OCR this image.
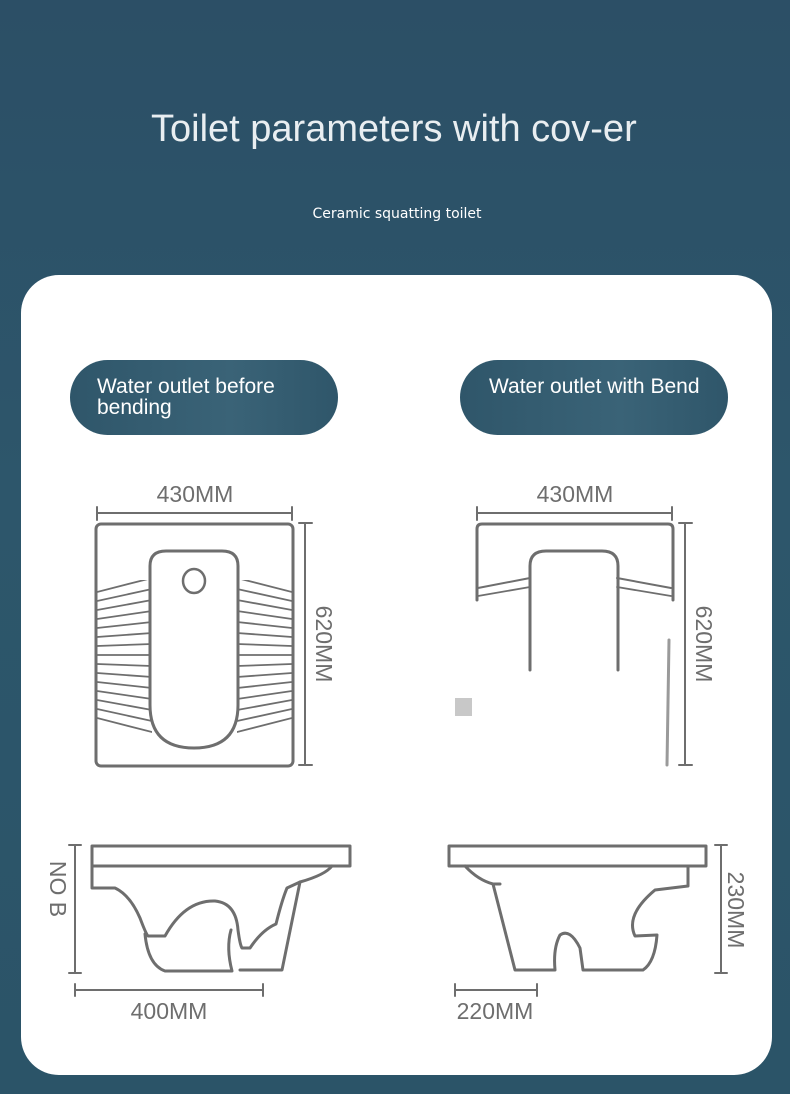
Toilet parameters with cov-er
Ceramic squatting toilet
Water outlet before bending
Water outlet with Bend
430MM
620MM
430MM
620MM
NO B
400MM
230MM
220MM
